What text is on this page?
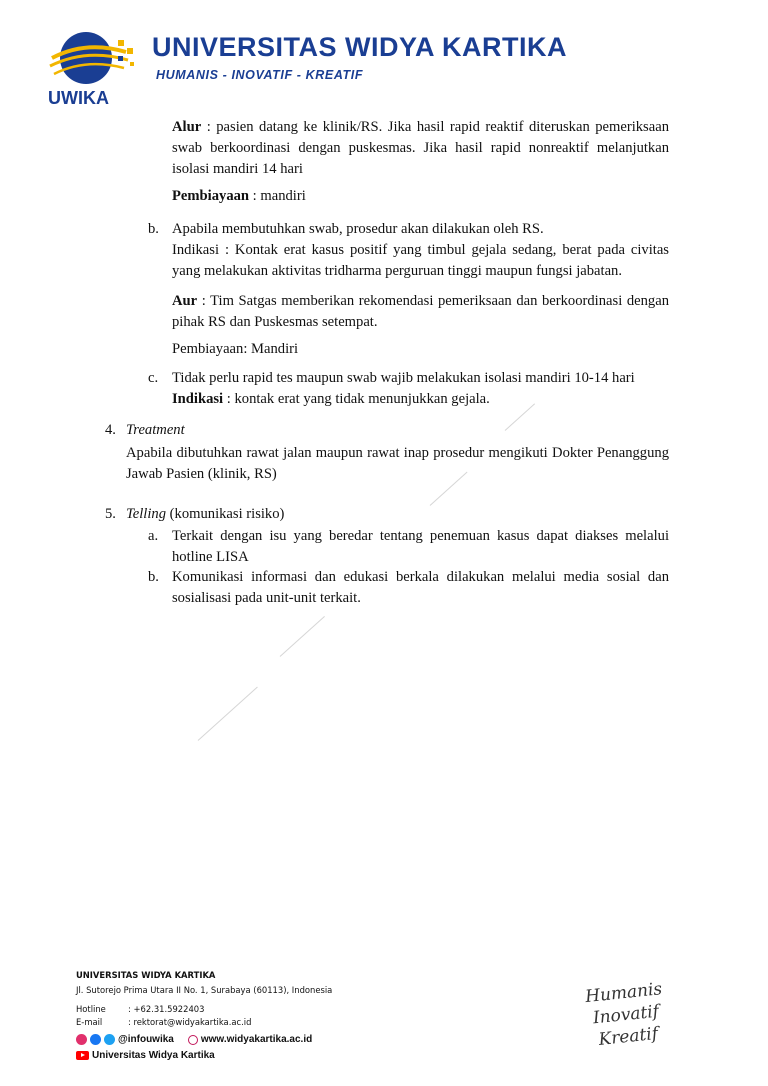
UWIKA
UNIVERSITAS WIDYA KARTIKA
HUMANIS - INOVATIF - KREATIF

Alur : pasien datang ke klinik/RS. Jika hasil rapid reaktif diteruskan pemeriksaan swab berkoordinasi dengan puskesmas. Jika hasil rapid nonreaktif melanjutkan isolasi mandiri 14 hari

Pembiayaan : mandiri

b. Apabila membutuhkan swab, prosedur akan dilakukan oleh RS.

Indikasi : Kontak erat kasus positif yang timbul gejala sedang, berat pada civitas yang melakukan aktivitas tridharma perguruan tinggi maupun fungsi jabatan.

Aur : Tim Satgas memberikan rekomendasi pemeriksaan dan berkoordinasi dengan pihak RS dan Puskesmas setempat.

Pembiayaan: Mandiri

c. Tidak perlu rapid tes maupun swab wajib melakukan isolasi mandiri 10-14 hari

Indikasi : kontak erat yang tidak menunjukkan gejala.

4. Treatment

Apabila dibutuhkan rawat jalan maupun rawat inap prosedur mengikuti Dokter Penanggung Jawab Pasien (klinik, RS)

5. Telling (komunikasi risiko)

a. Terkait dengan isu yang beredar tentang penemuan kasus dapat diakses melalui hotline LISA

b. Komunikasi informasi dan edukasi berkala dilakukan melalui media sosial dan sosialisasi pada unit-unit terkait.

UNIVERSITAS WIDYA KARTIKA
Jl. Sutorejo Prima Utara II No. 1, Surabaya (60113), Indonesia
Hotline	: +62.31.5922403
E-mail	: rektorat@widyakartika.ac.id
@infouwika	www.widyakartika.ac.id
Universitas Widya Kartika
Humanis
Inovatif
Kreatif
